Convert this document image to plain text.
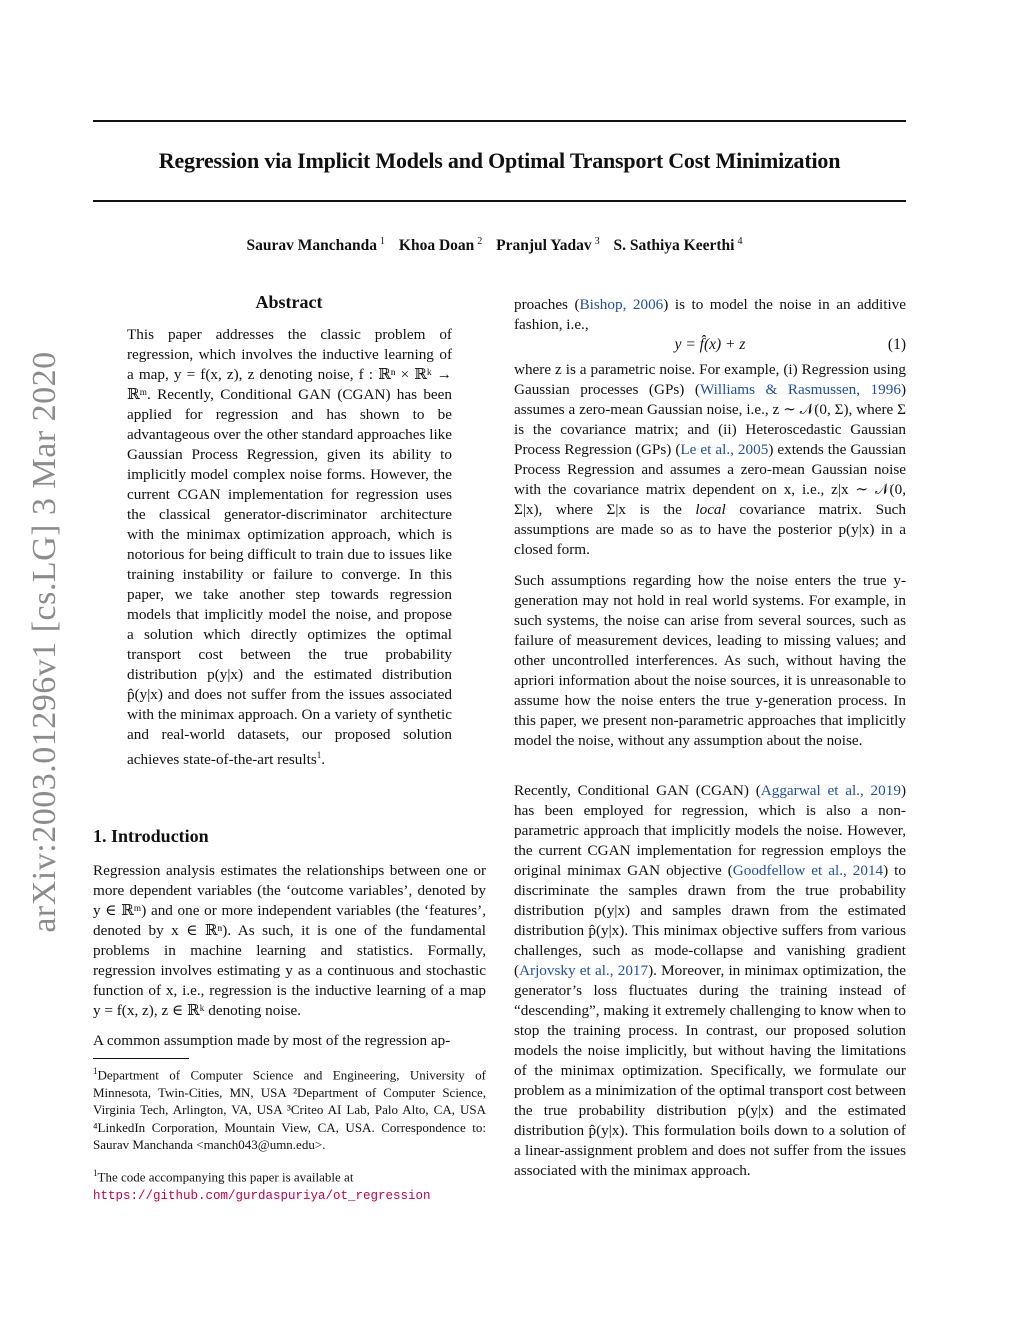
Regression via Implicit Models and Optimal Transport Cost Minimization
Saurav Manchanda $^1$ Khoa Doan $^2$ Pranjul Yadav $^3$ S. Sathiya Keerthi $^4$
arXiv:2003.01296v1 [cs.LG] 3 Mar 2020
Abstract

This paper addresses the classic problem of regression, which involves the inductive learning of a map, y = f(x, z), z denoting noise, f : ℝⁿ × ℝᵏ → ℝᵐ. Recently, Conditional GAN (CGAN) has been applied for regression and has shown to be advantageous over the other standard approaches like Gaussian Process Regression, given its ability to implicitly model complex noise forms. However, the current CGAN implementation for regression uses the classical generator-discriminator architecture with the minimax optimization approach, which is notorious for being difficult to train due to issues like training instability or failure to converge. In this paper, we take another step towards regression models that implicitly model the noise, and propose a solution which directly optimizes the optimal transport cost between the true probability distribution p(y|x) and the estimated distribution p̂(y|x) and does not suffer from the issues associated with the minimax approach. On a variety of synthetic and real-world datasets, our proposed solution achieves state-of-the-art results$^1$.

1. Introduction
Regression analysis estimates the relationships between one or more dependent variables (the ‘outcome variables’, denoted by y ∈ ℝᵐ) and one or more independent variables (the ‘features’, denoted by x ∈ ℝⁿ). As such, it is one of the fundamental problems in machine learning and statistics. Formally, regression involves estimating y as a continuous and stochastic function of x, i.e., regression is the inductive learning of a map y = f(x, z), z ∈ ℝᵏ denoting noise.
A common assumption made by most of the regression ap-
$^1$Department of Computer Science and Engineering, University of Minnesota, Twin-Cities, MN, USA ²Department of Computer Science, Virginia Tech, Arlington, VA, USA ³Criteo AI Lab, Palo Alto, CA, USA ⁴LinkedIn Corporation, Mountain View, CA, USA. Correspondence to: Saurav Manchanda <manch043@umn.edu>.
$^1$The code accompanying this paper is available at https://github.com/gurdaspuriya/ot_regression

proaches (Bishop, 2006) is to model the noise in an additive fashion, i.e.,

y = f̂(x) + z	(1)

where z is a parametric noise. For example, (i) Regression using Gaussian processes (GPs) (Williams & Rasmussen, 1996) assumes a zero-mean Gaussian noise, i.e., z ∼ 𝒩(0, Σ), where Σ is the covariance matrix; and (ii) Heteroscedastic Gaussian Process Regression (GPs) (Le et al., 2005) extends the Gaussian Process Regression and assumes a zero-mean Gaussian noise with the covariance matrix dependent on x, i.e., z|x ∼ 𝒩(0, Σ|x), where Σ|x is the local covariance matrix. Such assumptions are made so as to have the posterior p(y|x) in a closed form.

Such assumptions regarding how the noise enters the true y-generation may not hold in real world systems. For example, in such systems, the noise can arise from several sources, such as failure of measurement devices, leading to missing values; and other uncontrolled interferences. As such, without having the apriori information about the noise sources, it is unreasonable to assume how the noise enters the true y-generation process. In this paper, we present non-parametric approaches that implicitly model the noise, without any assumption about the noise.

Recently, Conditional GAN (CGAN) (Aggarwal et al., 2019) has been employed for regression, which is also a non-parametric approach that implicitly models the noise. However, the current CGAN implementation for regression employs the original minimax GAN objective (Goodfellow et al., 2014) to discriminate the samples drawn from the true probability distribution p(y|x) and samples drawn from the estimated distribution p̂(y|x). This minimax objective suffers from various challenges, such as mode-collapse and vanishing gradient (Arjovsky et al., 2017). Moreover, in minimax optimization, the generator’s loss fluctuates during the training instead of “descending”, making it extremely challenging to know when to stop the training process. In contrast, our proposed solution models the noise implicitly, but without having the limitations of the minimax optimization. Specifically, we formulate our problem as a minimization of the optimal transport cost between the true probability distribution p(y|x) and the estimated distribution p̂(y|x). This formulation boils down to a solution of a linear-assignment problem and does not suffer from the issues associated with the minimax approach.
